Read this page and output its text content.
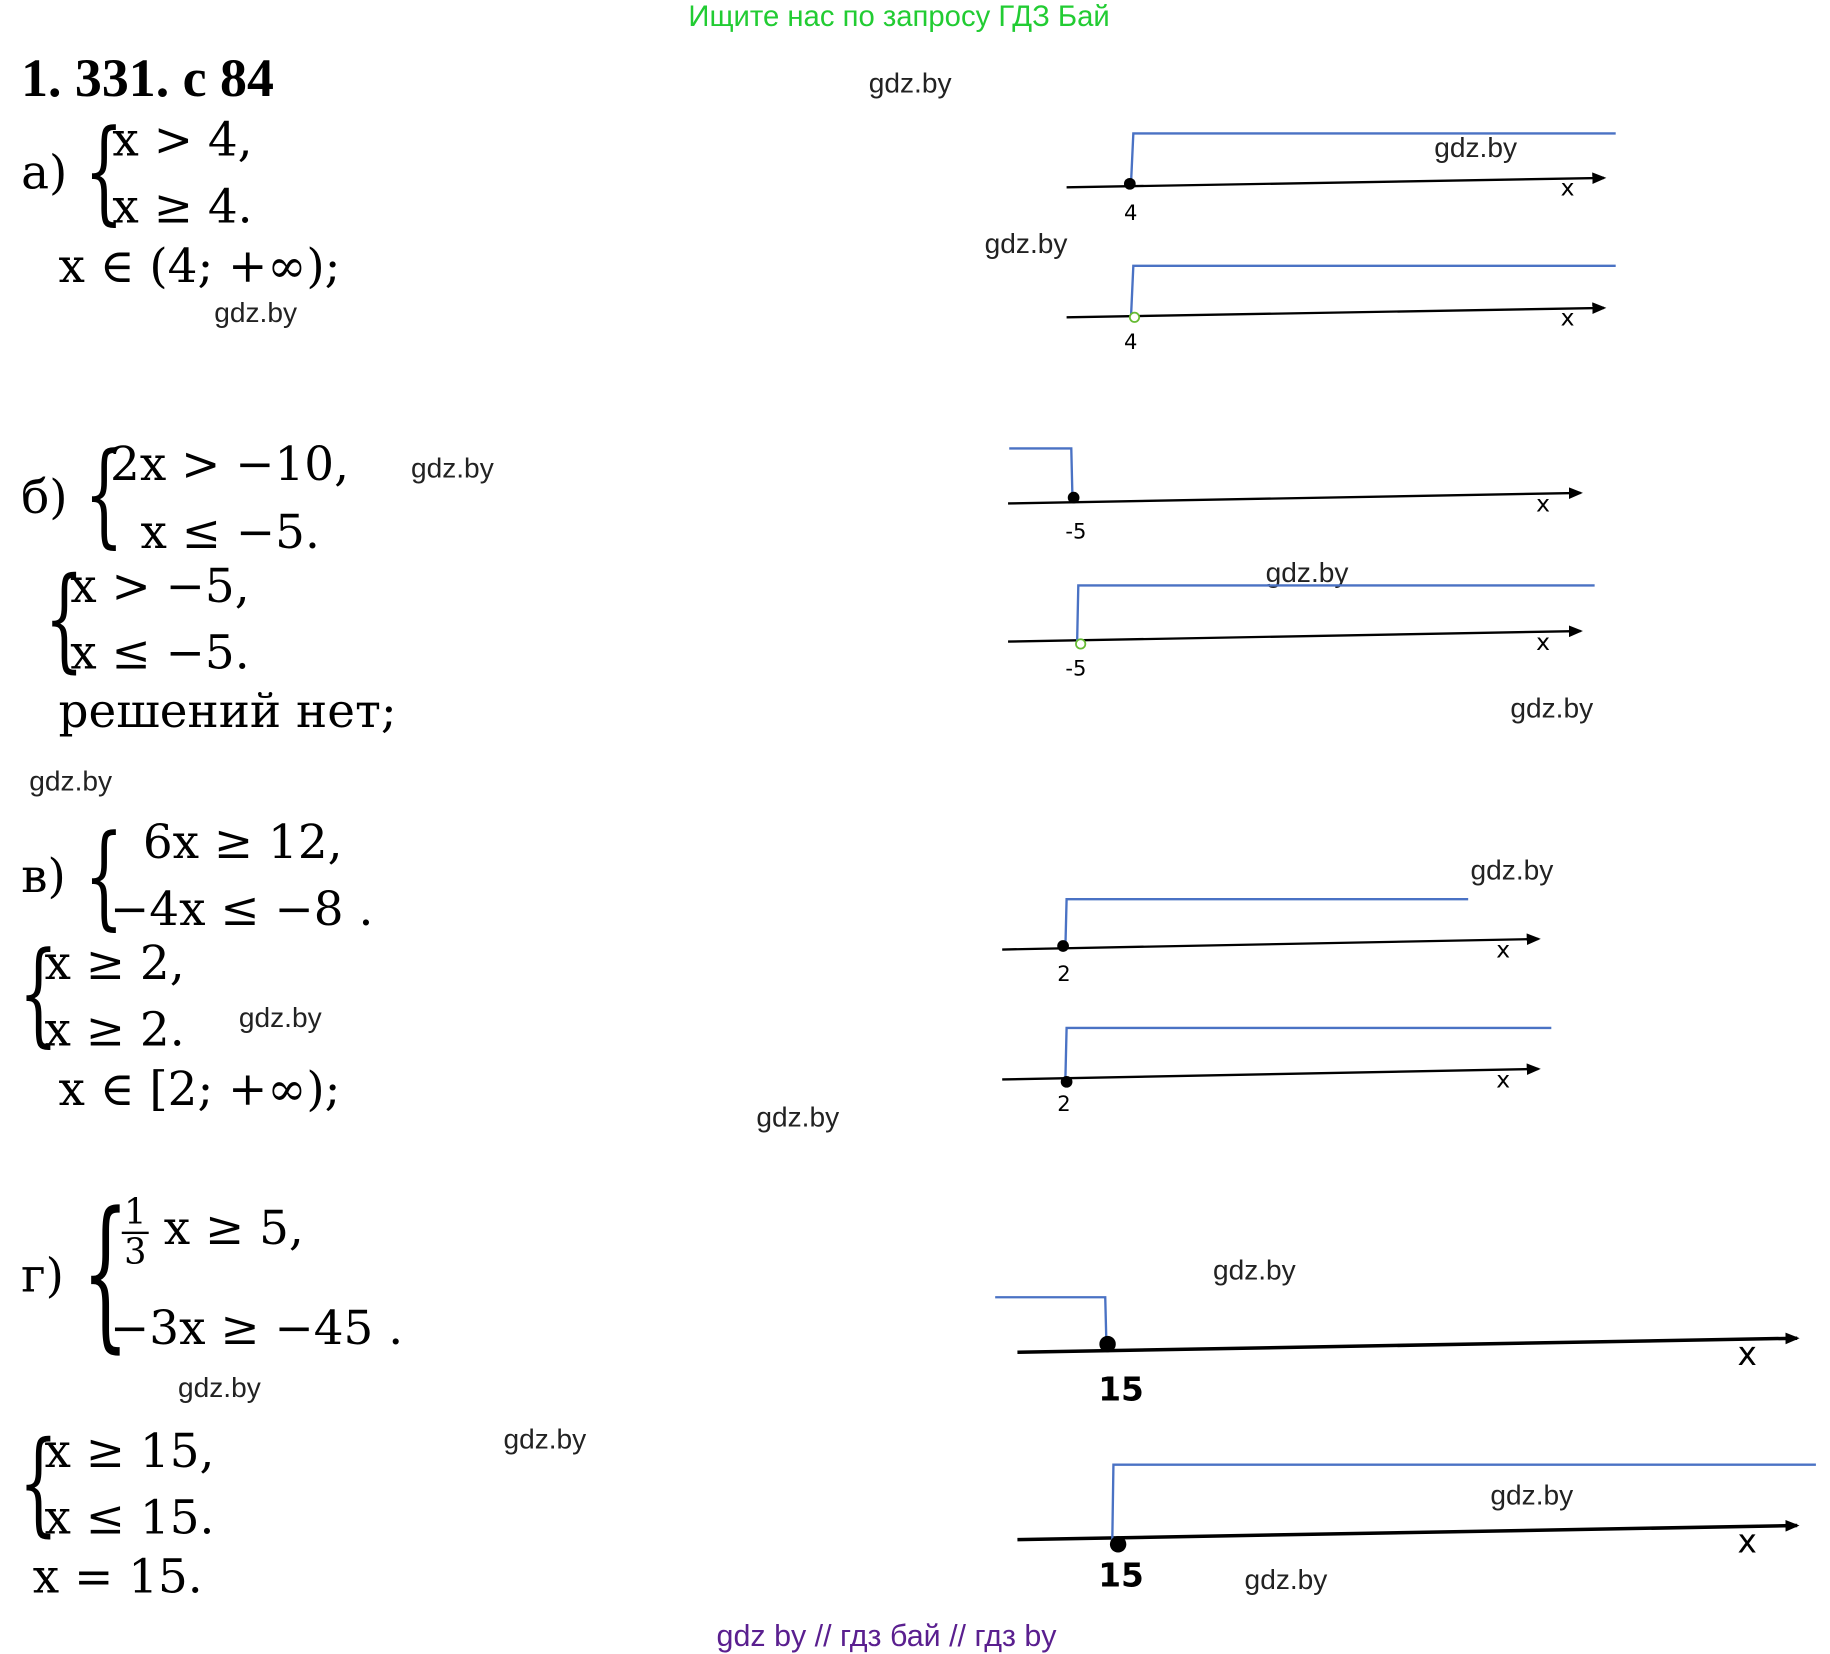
Ищите нас по запросу ГДЗ Бай
1. 331. с 84	gdz.by
gdz.by
gdz.by
gdz.by
gdz.by
gdz.by
gdz.by
gdz.by
gdz.by
gdz.by
gdz.by
gdz.by
gdz.by
gdz.by
gdz.by
gdz.by
а) {
x > 4,
x ≥ 4.
x ∈ (4; +∞);
б) {
2x > −10,
x ≤ −5.
{
x > −5,
x ≤ −5.
решений нет;
в) { 6x ≥ 12,
−4x ≤ −8 .
{
x ≥ 2,
x ≥ 2.
x ∈ [2; +∞);
г) {
$\frac{1}{3}$ x ≥ 5,
−3x ≥ −45 .
{
x ≥ 15,
x ≤ 15.
x = 15.
4
x
4
x
-5
x
-5
x
2
x
2
x
15
x
15
x
gdz by // гдз бай // гдз by
